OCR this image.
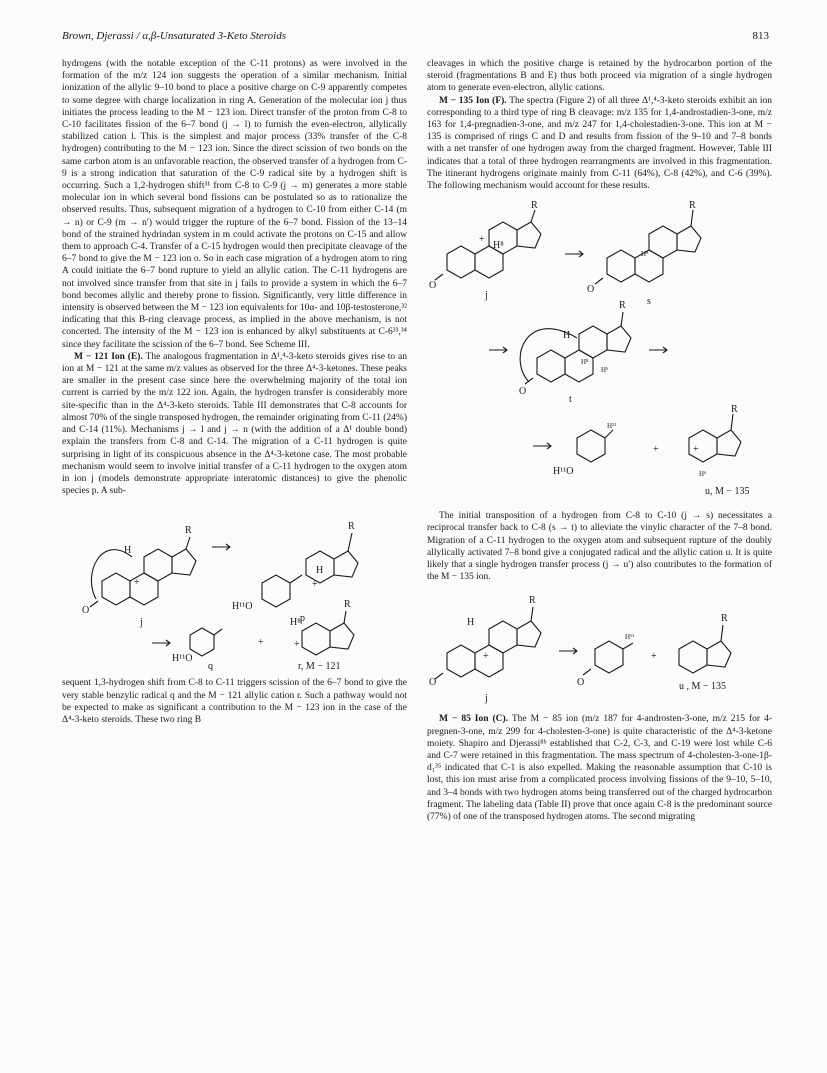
Brown, Djerassi / α,β-Unsaturated 3-Keto Steroids	813

hydrogens (with the notable exception of the C-11 protons) as were involved in the formation of the m/z 124 ion suggests the operation of a similar mechanism. Initial ionization of the allylic 9–10 bond to place a positive charge on C-9 apparently competes to some degree with charge localization in ring A. Generation of the molecular ion j thus initiates the process leading to the M − 123 ion. Direct transfer of the proton from C-8 to C-10 facilitates fission of the 6–7 bond (j → l) to furnish the even-electron, allylically stabilized cation l. This is the simplest and major process (33% transfer of the C-8 hydrogen) contributing to the M − 123 ion. Since the direct scission of two bonds on the same carbon atom is an unfavorable reaction, the observed transfer of a hydrogen from C-9 is a strong indication that saturation of the C-9 radical site by a hydrogen shift is occurring. Such a 1,2-hydrogen shift³¹ from C-8 to C-9 (j → m) generates a more stable molecular ion in which several bond fissions can be postulated so as to rationalize the observed results. Thus, subsequent migration of a hydrogen to C-10 from either C-14 (m → n) or C-9 (m → n′) would trigger the rupture of the 6–7 bond. Fission of the 13–14 bond of the strained hydrindan system in m could activate the protons on C-15 and allow them to approach C-4. Transfer of a C-15 hydrogen would then precipitate cleavage of the 6–7 bond to give the M − 123 ion o. So in each case migration of a hydrogen atom to ring A could initiate the 6–7 bond rupture to yield an allylic cation. The C-11 hydrogens are not involved since transfer from that site in j fails to provide a system in which the 6–7 bond becomes allylic and thereby prone to fission. Significantly, very little difference in intensity is observed between the M − 123 ion equivalents for 10α- and 10β-testosterone,³² indicating that this B-ring cleavage process, as implied in the above mechanism, is not concerted. The intensity of the M − 123 ion is enhanced by alkyl substituents at C-6³³,³⁴ since they facilitate the scission of the 6–7 bond. See Scheme III.

M − 121 Ion (E). The analogous fragmentation in Δ¹,⁴-3-keto steroids gives rise to an ion at M − 121 at the same m/z values as observed for the three Δ⁴-3-ketones. These peaks are smaller in the present case since here the overwhelming majority of the total ion current is carried by the m/z 122 ion. Again, the hydrogen transfer is considerably more site-specific than in the Δ⁴-3-keto steroids. Table III demonstrates that C-8 accounts for almost 70% of the single transposed hydrogen, the remainder originating from C-11 (24%) and C-14 (11%). Mechanisms j → l and j → n (with the addition of a Δ¹ double bond) explain the transfers from C-8 and C-14. The migration of a C-11 hydrogen is quite surprising in light of its conspicuous absence in the Δ⁴-3-ketone case. The most probable mechanism would seem to involve initial transfer of a C-11 hydrogen to the oxygen atom in ion j (models demonstrate appropriate interatomic distances) to give the phenolic species p. A sub-

R
H
+
O
j
R
H
+
H¹¹O
p
H¹¹O
q
+
R
H⁸
+
r, M − 121

sequent 1,3-hydrogen shift from C-8 to C-11 triggers scission of the 6–7 bond to give the very stable benzylic radical q and the M − 121 allylic cation r. Such a pathway would not be expected to make as significant a contribution to the M − 123 ion in the case of the Δ⁴-3-keto steroids. These two ring B

cleavages in which the positive charge is retained by the hydrocarbon portion of the steroid (fragmentations B and E) thus both proceed via migration of a single hydrogen atom to generate even-electron, allylic cations.

M − 135 Ion (F). The spectra (Figure 2) of all three Δ¹,⁴-3-keto steroids exhibit an ion corresponding to a third type of ring B cleavage: m/z 135 for 1,4-androstadien-3-one, m/z 163 for 1,4-pregnadien-3-one, and m/z 247 for 1,4-cholestadien-3-one. This ion at M − 135 is comprised of rings C and D and results from fission of the 9–10 and 7–8 bonds with a net transfer of one hydrogen away from the charged fragment. However, Table III indicates that a total of three hydrogen rearrangments are involved in this fragmentation. The itinerant hydrogens originate mainly from C-11 (64%), C-8 (42%), and C-6 (39%). The following mechanism would account for these results.

R
H⁸
+
O
j
R
H⁸
O
s
R
H
H⁸
H⁶
O
t
H¹¹
H¹¹O
+
R
+
H⁶
u, M − 135

The initial transposition of a hydrogen from C-8 to C-10 (j → s) necessitates a reciprocal transfer back to C-8 (s → t) to alleviate the vinylic character of the 7–8 bond. Migration of a C-11 hydrogen to the oxygen atom and subsequent rupture of the doubly allylically activated 7–8 bond give a conjugated radical and the allylic cation u. It is quite likely that a single hydrogen transfer process (j → u′) also contributes to the formation of the M − 135 ion.

R
H
+
O
j
H¹¹
O
+
R
u , M − 135

M − 85 Ion (C). The M − 85 ion (m/z 187 for 4-androsten-3-one, m/z 215 for 4-pregnen-3-one, m/z 299 for 4-cholesten-3-one) is quite characteristic of the Δ⁴-3-ketone moiety. Shapiro and Djerassi⁸ᵇ established that C-2, C-3, and C-19 were lost while C-6 and C-7 were retained in this fragmentation. The mass spectrum of 4-cholesten-3-one-1β-d₁³⁵ indicated that C-1 is also expelled. Making the reasonable assumption that C-10 is lost, this ion must arise from a complicated process involving fissions of the 9–10, 5–10, and 3–4 bonds with two hydrogen atoms being transferred out of the charged hydrocarbon fragment. The labeling data (Table II) prove that once again C-8 is the predominant source (77%) of one of the transposed hydrogen atoms. The second migrating
